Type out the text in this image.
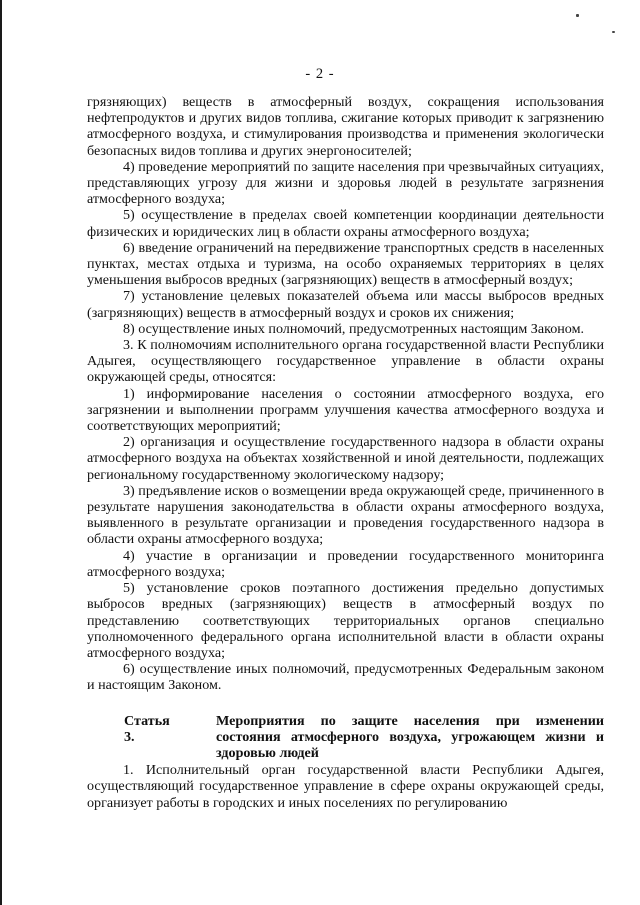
- 2 -

грязняющих) веществ в атмосферный воздух, сокращения использования нефтепродуктов и других видов топлива, сжигание которых приводит к загрязнению атмосферного воздуха, и стимулирования производства и применения экологически безопасных видов топлива и других энергоносителей;

4) проведение мероприятий по защите населения при чрезвычайных ситуациях, представляющих угрозу для жизни и здоровья людей в результате загрязнения атмосферного воздуха;

5) осуществление в пределах своей компетенции координации деятельности физических и юридических лиц в области охраны атмосферного воздуха;

6) введение ограничений на передвижение транспортных средств в населенных пунктах, местах отдыха и туризма, на особо охраняемых территориях в целях уменьшения выбросов вредных (загрязняющих) веществ в атмосферный воздух;

7) установление целевых показателей объема или массы выбросов вредных (загрязняющих) веществ в атмосферный воздух и сроков их снижения;

8) осуществление иных полномочий, предусмотренных настоящим Законом.

3. К полномочиям исполнительного органа государственной власти Республики Адыгея, осуществляющего государственное управление в области охраны окружающей среды, относятся:

1) информирование населения о состоянии атмосферного воздуха, его загрязнении и выполнении программ улучшения качества атмосферного воздуха и соответствующих мероприятий;

2) организация и осуществление государственного надзора в области охраны атмосферного воздуха на объектах хозяйственной и иной деятельности, подлежащих региональному государственному экологическому надзору;

3) предъявление исков о возмещении вреда окружающей среде, причиненного в результате нарушения законодательства в области охраны атмосферного воздуха, выявленного в результате организации и проведения государственного надзора в области охраны атмосферного воздуха;

4) участие в организации и проведении государственного мониторинга атмосферного воздуха;

5) установление сроков поэтапного достижения предельно допустимых выбросов вредных (загрязняющих) веществ в атмосферный воздух по представлению соответствующих территориальных органов специально уполномоченного федерального органа исполнительной власти в области охраны атмосферного воздуха;

6) осуществление иных полномочий, предусмотренных Федеральным законом и настоящим Законом.

Статья 3.
Мероприятия по защите населения при изменении состояния атмосферного воздуха, угрожающем жизни и здоровью людей

1. Исполнительный орган государственной власти Республики Адыгея, осуществляющий государственное управление в сфере охраны окружающей среды, организует работы в городских и иных поселениях по регулированию
